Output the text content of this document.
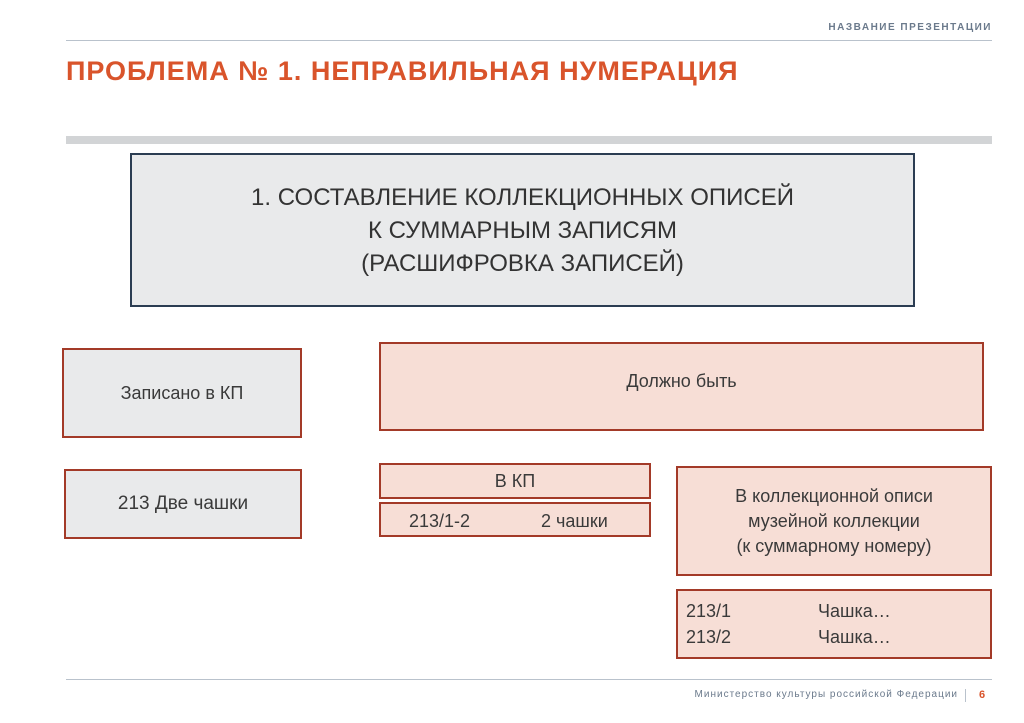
НАЗВАНИЕ ПРЕЗЕНТАЦИИ
ПРОБЛЕМА № 1. НЕПРАВИЛЬНАЯ НУМЕРАЦИЯ
1. СОСТАВЛЕНИЕ КОЛЛЕКЦИОННЫХ ОПИСЕЙ
К СУММАРНЫМ ЗАПИСЯМ
(РАСШИФРОВКА ЗАПИСЕЙ)
Записано в КП
213 Две чашки
Должно быть
В КП
213/1-2	2 чашки
В коллекционной описи
музейной коллекции
(к суммарному номеру)
213/1	Чашка…
213/2	Чашка…
Министерство культуры российской Федерации 6
